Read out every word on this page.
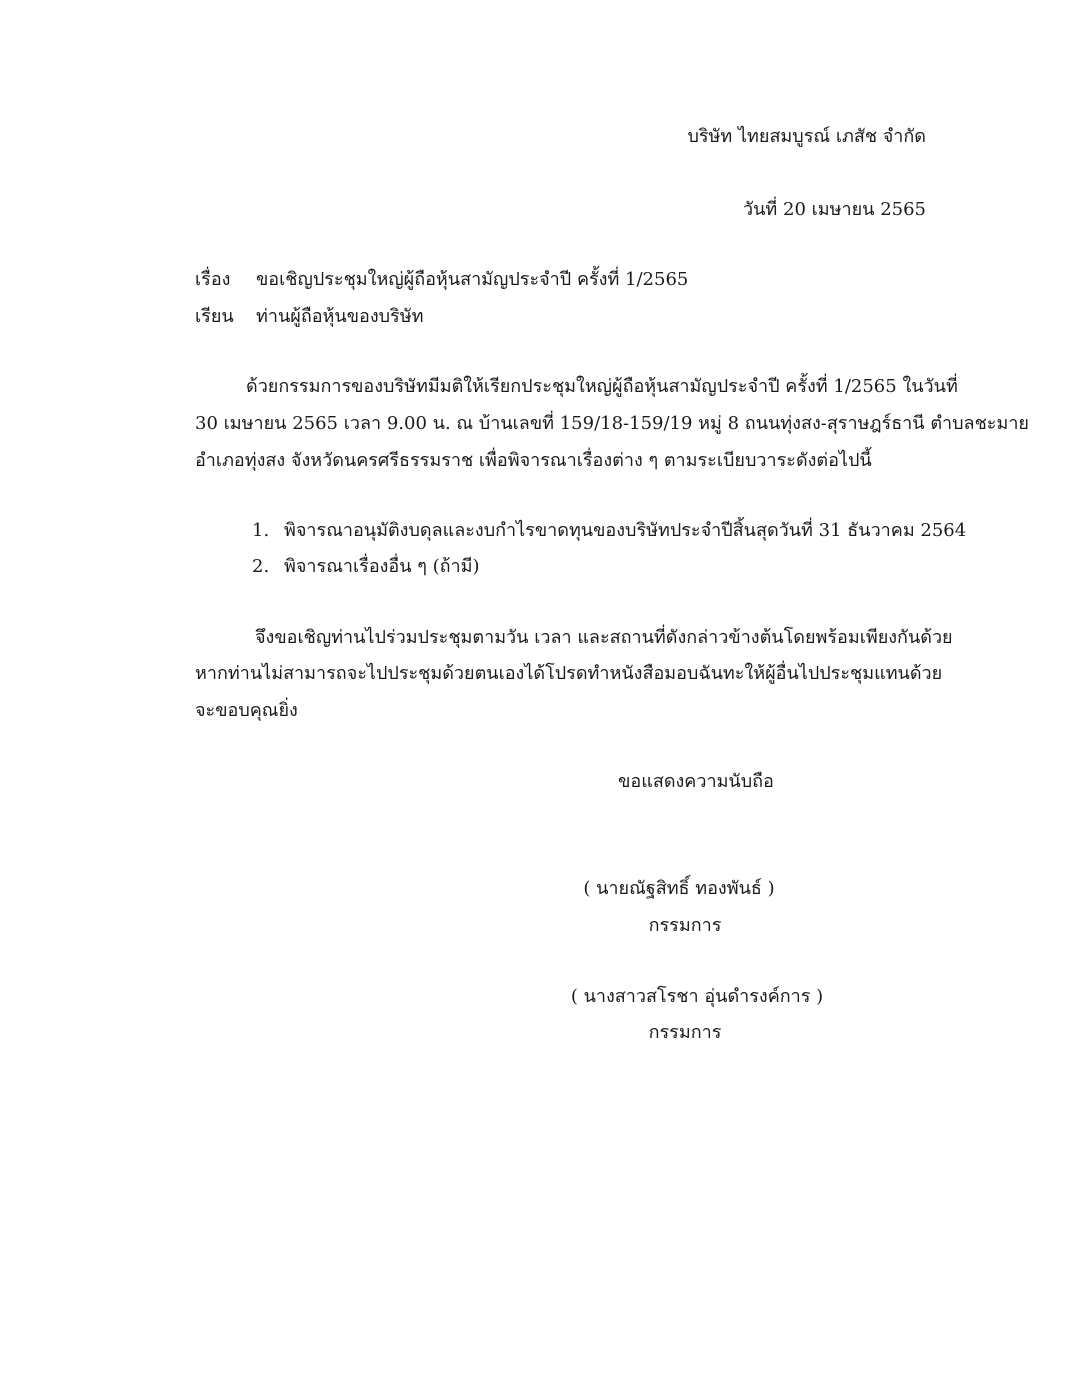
บริษัท ไทยสมบูรณ์ เภสัช จำกัด
วันที่ 20 เมษายน 2565
เรื่อง ขอเชิญประชุมใหญ่ผู้ถือหุ้นสามัญประจำปี ครั้งที่ 1/2565
เรียน ท่านผู้ถือหุ้นของบริษัท
ด้วยกรรมการของบริษัทมีมติให้เรียกประชุมใหญ่ผู้ถือหุ้นสามัญประจำปี ครั้งที่ 1/2565 ในวันที่
30 เมษายน 2565 เวลา 9.00 น. ณ บ้านเลขที่ 159/18-159/19 หมู่ 8 ถนนทุ่งสง-สุราษฎร์ธานี ตำบลชะมาย
อำเภอทุ่งสง จังหวัดนครศรีธรรมราช เพื่อพิจารณาเรื่องต่าง ๆ ตามระเบียบวาระดังต่อไปนี้
1. พิจารณาอนุมัติงบดุลและงบกำไรขาดทุนของบริษัทประจำปีสิ้นสุดวันที่ 31 ธันวาคม 2564
2. พิจารณาเรื่องอื่น ๆ (ถ้ามี)
จึงขอเชิญท่านไปร่วมประชุมตามวัน เวลา และสถานที่ดังกล่าวข้างต้นโดยพร้อมเพียงกันด้วย
หากท่านไม่สามารถจะไปประชุมด้วยตนเองได้โปรดทำหนังสือมอบฉันทะให้ผู้อื่นไปประชุมแทนด้วย
จะขอบคุณยิ่ง
ขอแสดงความนับถือ
( นายณัฐสิทธิ์ ทองพันธ์ )
กรรมการ
( นางสาวสโรชา อุ่นดำรงค์การ )
กรรมการ
